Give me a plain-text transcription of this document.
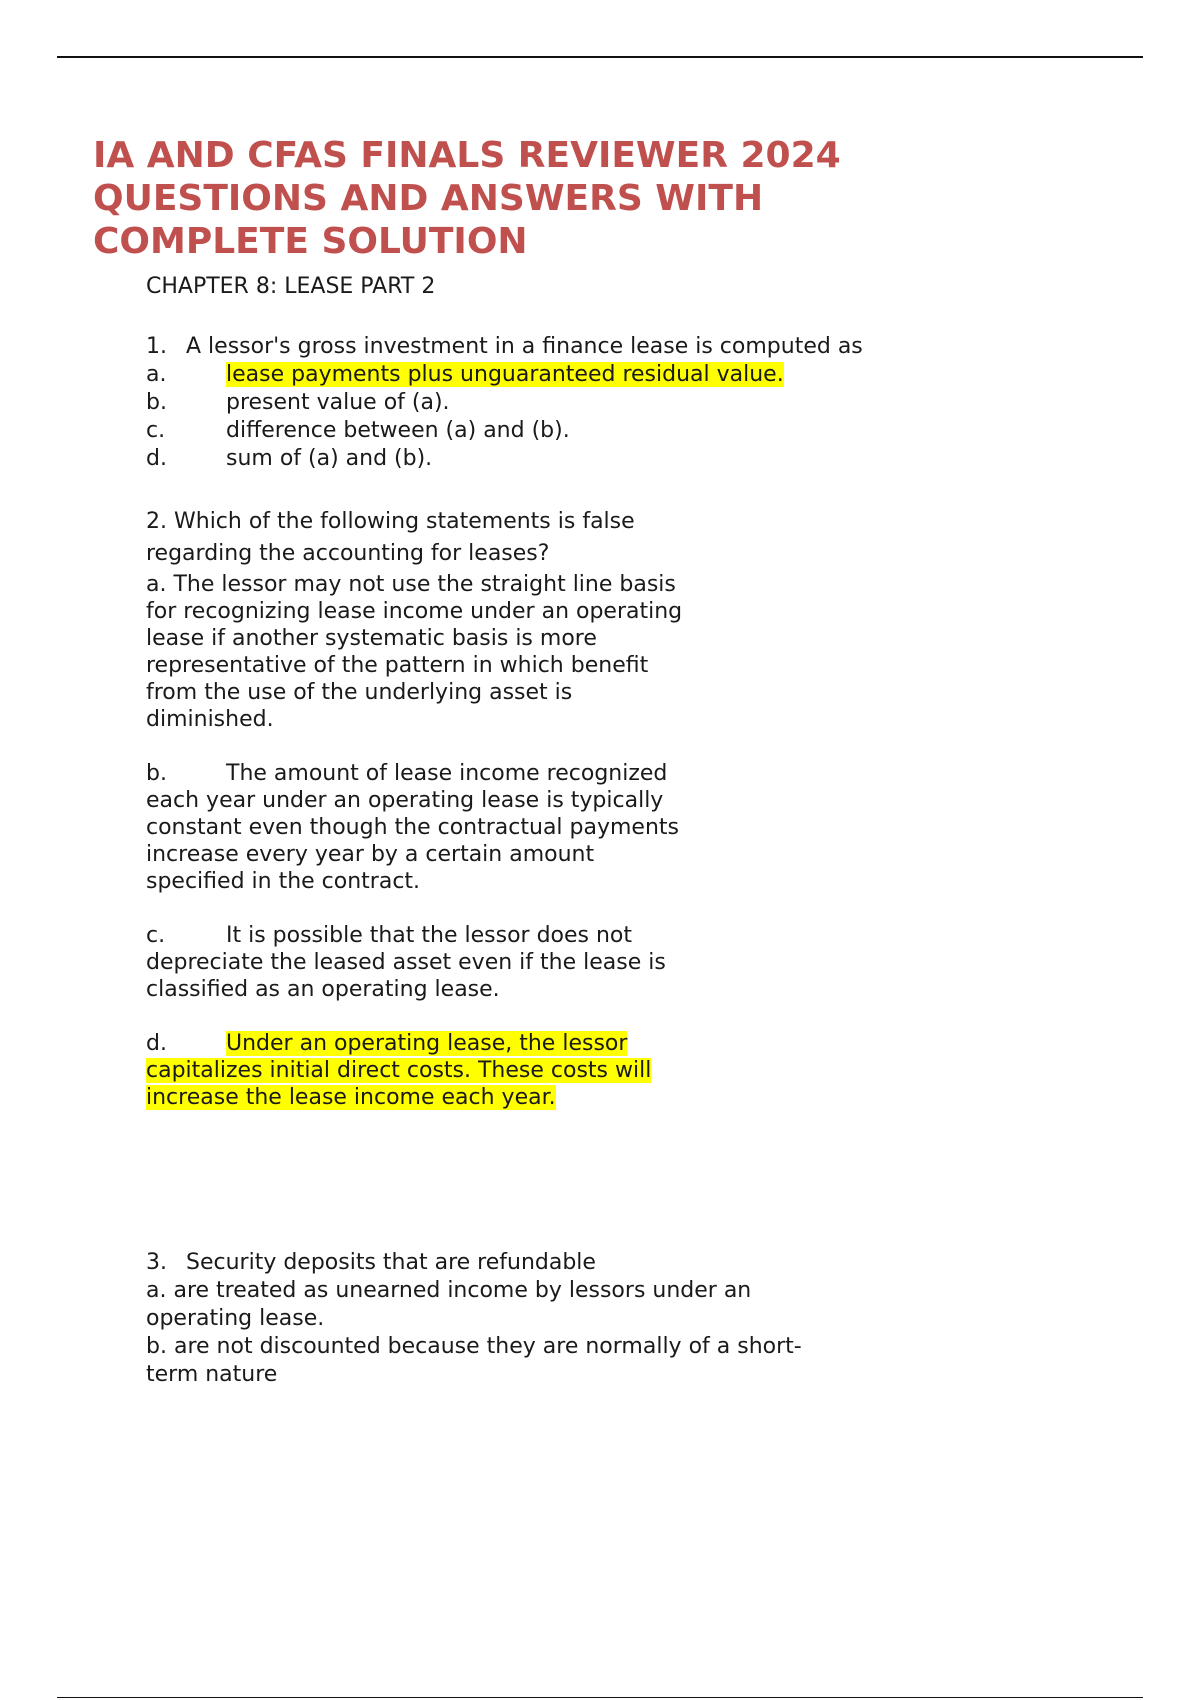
IA AND CFAS FINALS REVIEWER 2024 QUESTIONS AND ANSWERS WITH COMPLETE SOLUTION
CHAPTER 8: LEASE PART 2
1. A lessor's gross investment in a finance lease is computed as
a.	lease payments plus unguaranteed residual value.
b.	present value of (a).
c.	difference between (a) and (b).
d.	sum of (a) and (b).
2. Which of the following statements is false regarding the accounting for leases?

a. The lessor may not use the straight line basis for recognizing lease income under an operating lease if another systematic basis is more representative of the pattern in which benefit from the use of the underlying asset is diminished.

b.	The amount of lease income recognized each year under an operating lease is typically constant even though the contractual payments increase every year by a certain amount specified in the contract.

c.	It is possible that the lessor does not depreciate the leased asset even if the lease is classified as an operating lease.

d.	Under an operating lease, the lessor capitalizes initial direct costs. These costs will increase the lease income each year.

3. Security deposits that are refundable
a. are treated as unearned income by lessors under an operating lease.
b. are not discounted because they are normally of a short-term nature
